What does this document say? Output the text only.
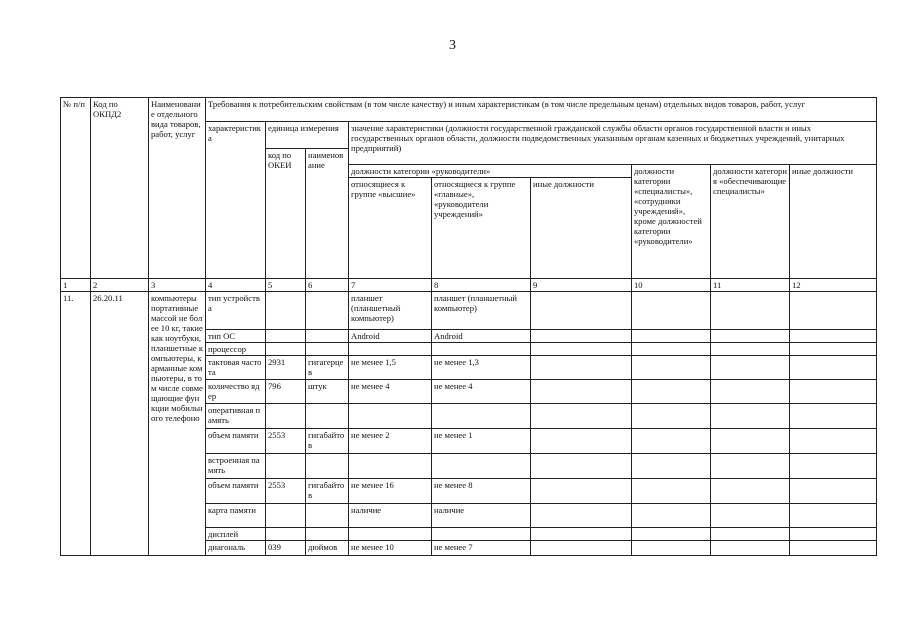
3
№ п/п	Код по ОКПД2	Наименование отдельного вида товаров, работ, услуг	Требования к потребительским свойствам (в том числе качеству) и иным характеристикам (в том числе предельным ценам) отдельных видов товаров, работ, услуг								
			характеристика	единица измерения		значение характеристики (должности государственной гражданской службы области органов государственной власти и иных государственных органов области, должности подведомственных указанным органам казенных и бюджетных учреждений, унитарных предприятий)					
				код по ОКЕИ	наименование						
						должности категории «руководители»			должности категории «специалисты», «сотрудники учреждений», кроме должностей категории «руководители»	должности категория «обеспечивающие специалисты»	иные должности
						относящиеся к группе «высшие»	относящиеся к группе «главные», «руководители учреждений»	иные должности			

1	2	3	4	5	6	7	8	9	10	11	12
11.	26.20.11	компьютеры портативные массой не более 10 кг, такие как ноутбуки, планшетные компьютеры, карманные компьютеры, в том числе совмещающие функции мобильного телефоно	тип устройства			планшет (планшетный компьютер)	планшет (планшетный компьютер)				
			тип ОС			Android	Android				
			процессор								
			тактовая частота	2931	гигагерцев	не менее 1,5	не менее 1,3				
			количество ядер	796	штук	не менее 4	не менее 4				
			оперативная память								
			объем памяти	2553	гигабайтов	не менее 2	не менее 1				
			встроенная память								
			объем памяти	2553	гигабайтов	не менее 16	не менее 8				
			карта памяти			наличие	наличие				
			дисплей								
			диагональ	039	дюймов	не менее 10	не менее 7				
